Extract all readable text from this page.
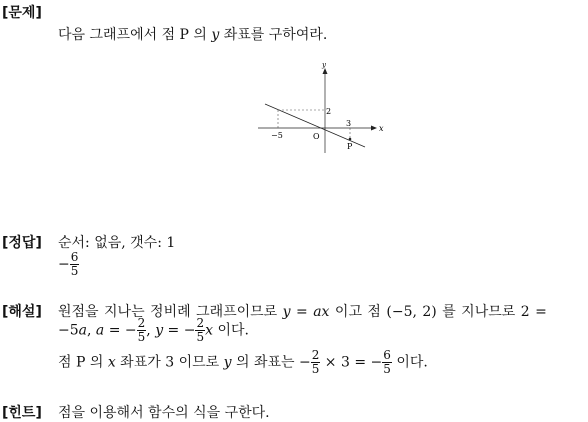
[문제]
다음 그래프에서 점 P 의 y 좌표를 구하여라.
y
x
2
−5	O
3
P
[정답] 순서: 없음, 갯수: 1
− $\frac{6}{5}$
[해설] 원점을 지나는 정비례 그래프이므로 y = ax 이고 점 (−5, 2) 를 지나므로 2 =
−5a, a = − $\frac{2}{5}$ , y = − $\frac{2}{5}$ x 이다.
점 P 의 x 좌표가 3 이므로 y 의 좌표는 − $\frac{2}{5} \times 3$ = − $\frac{6}{5}$ 이다.
[힌트] 점을 이용해서 함수의 식을 구한다.
